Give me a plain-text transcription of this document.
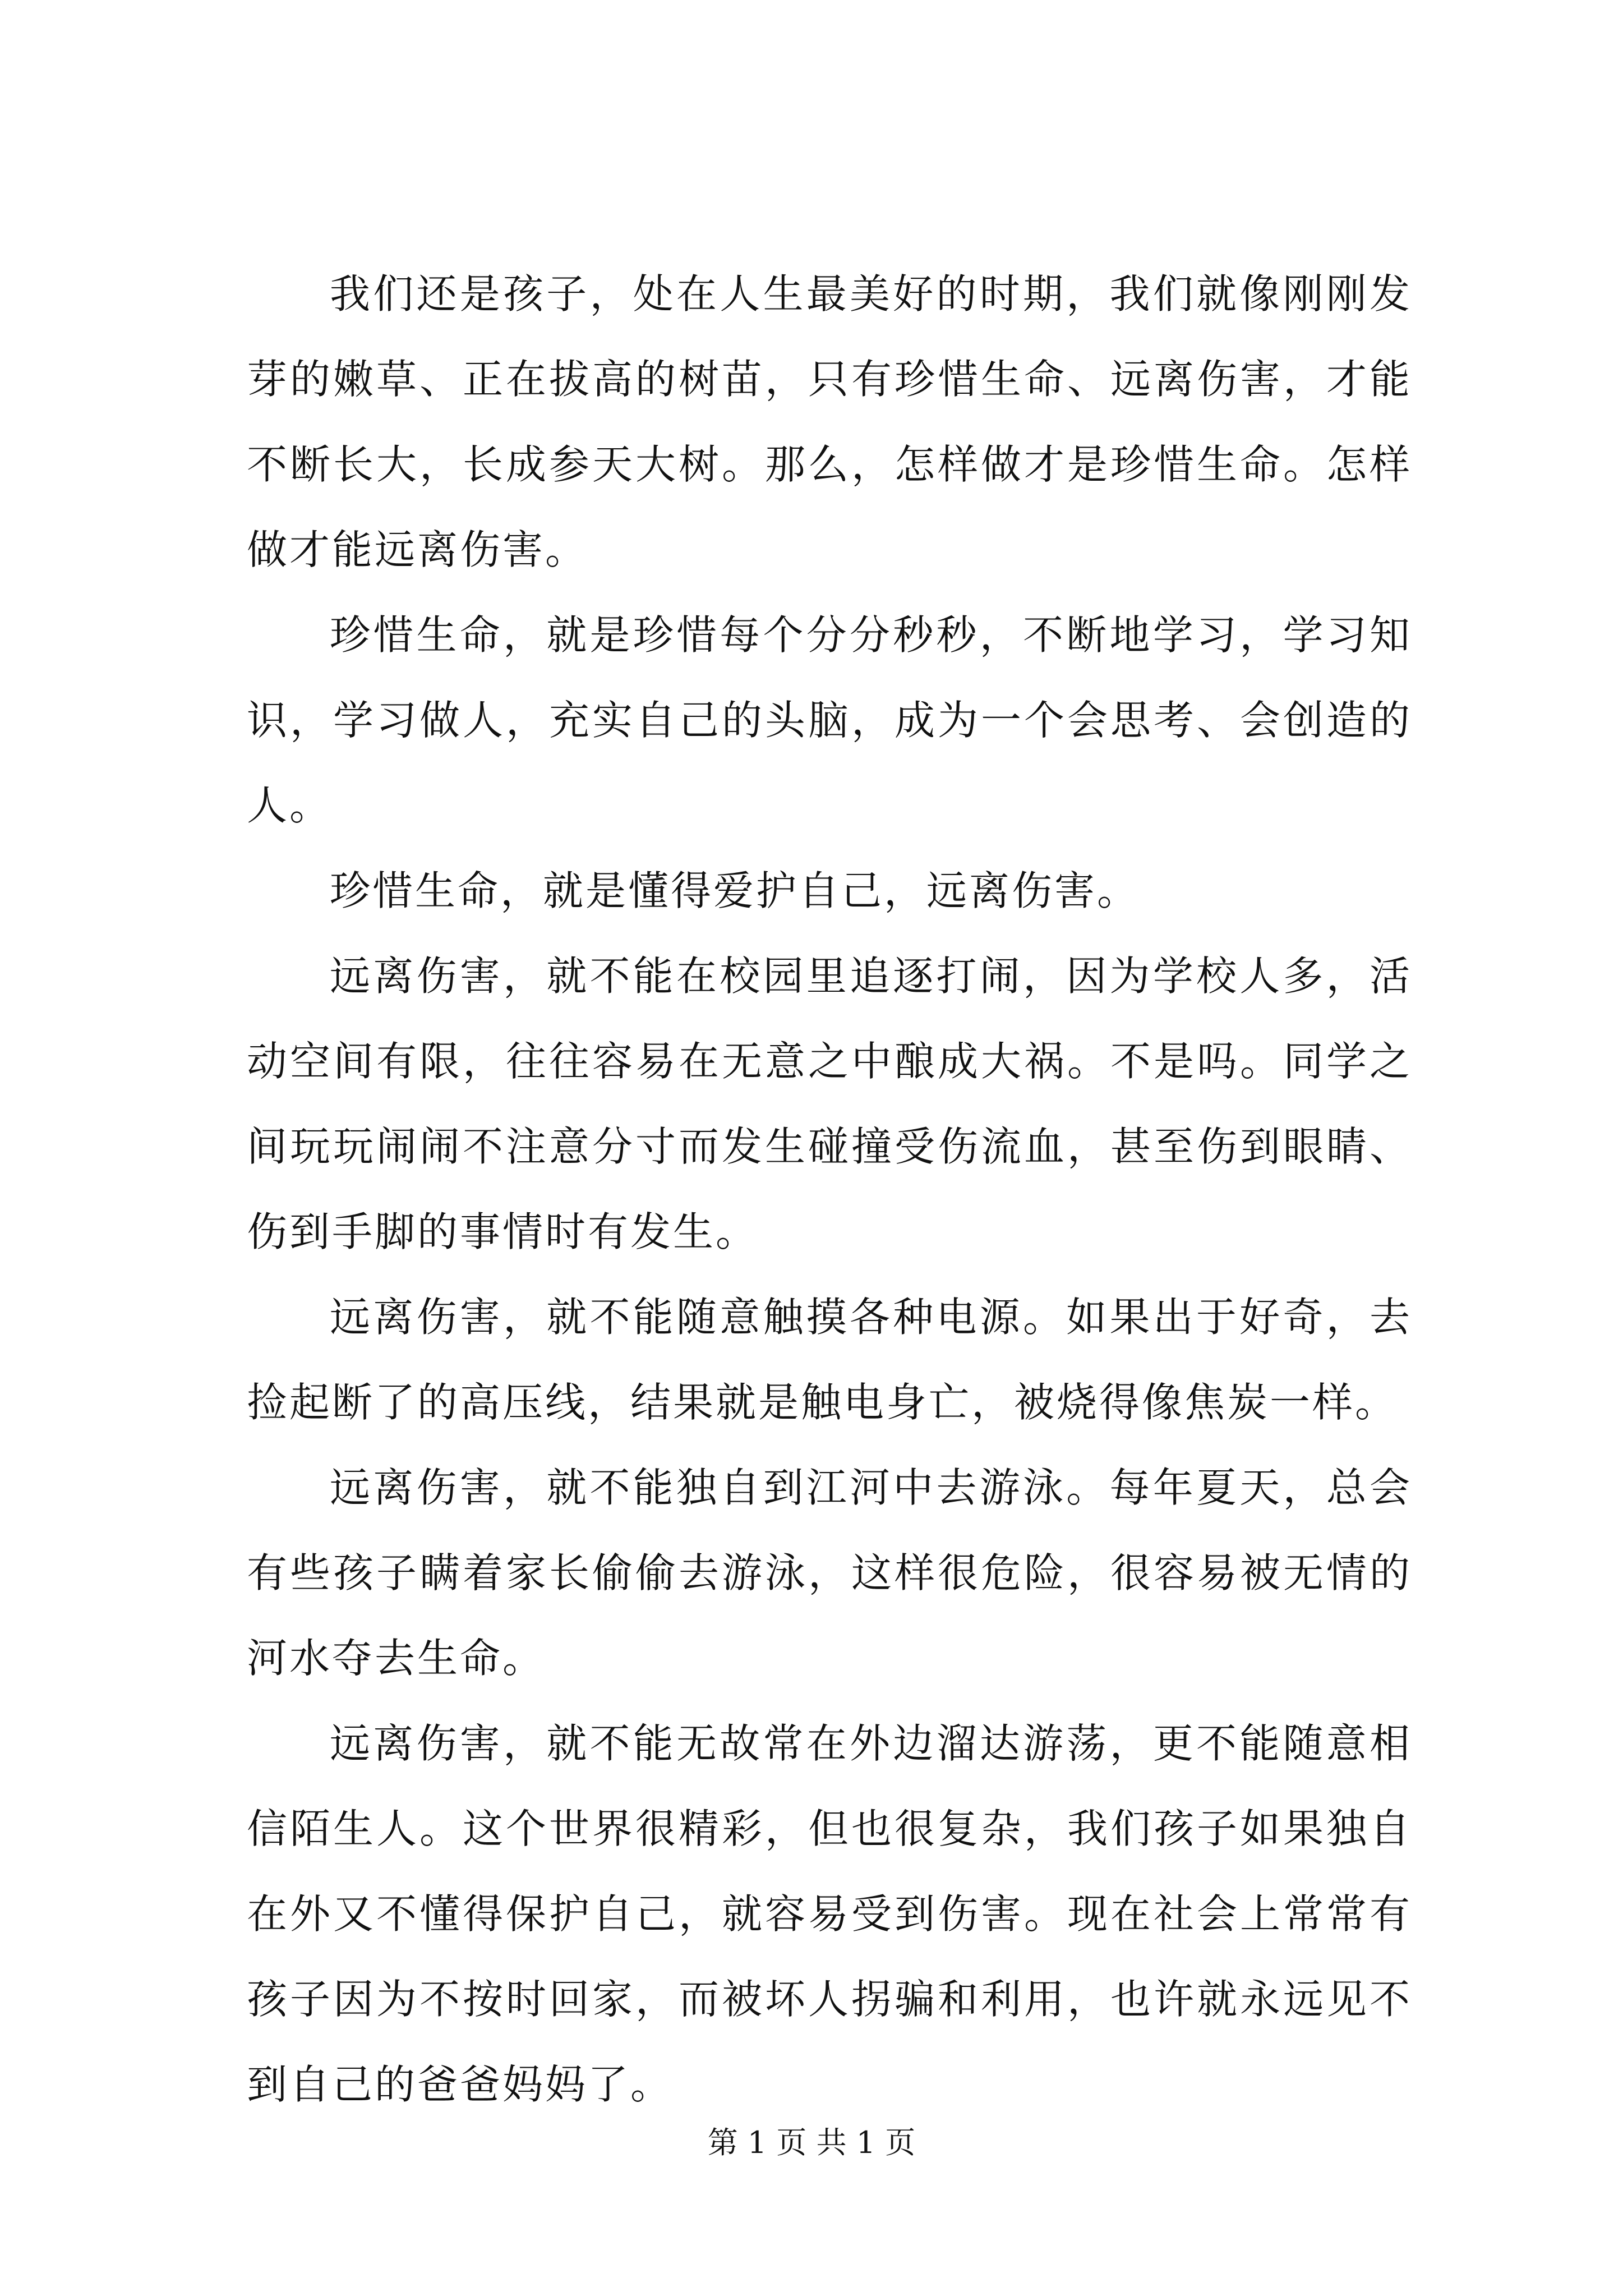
我们还是孩子，处在人生最美好的时期，我们就像刚刚发芽的嫩草、正在拔高的树苗，只有珍惜生命、远离伤害，才能不断长大，长成参天大树。那么，怎样做才是珍惜生命。怎样做才能远离伤害。

珍惜生命，就是珍惜每个分分秒秒，不断地学习，学习知识，学习做人，充实自己的头脑，成为一个会思考、会创造的人。

珍惜生命，就是懂得爱护自己，远离伤害。

远离伤害，就不能在校园里追逐打闹，因为学校人多，活动空间有限，往往容易在无意之中酿成大祸。不是吗。同学之间玩玩闹闹不注意分寸而发生碰撞受伤流血，甚至伤到眼睛、伤到手脚的事情时有发生。

远离伤害，就不能随意触摸各种电源。如果出于好奇，去捡起断了的高压线，结果就是触电身亡，被烧得像焦炭一样。

远离伤害，就不能独自到江河中去游泳。每年夏天，总会有些孩子瞒着家长偷偷去游泳，这样很危险，很容易被无情的河水夺去生命。

远离伤害，就不能无故常在外边溜达游荡，更不能随意相信陌生人。这个世界很精彩，但也很复杂，我们孩子如果独自在外又不懂得保护自己，就容易受到伤害。现在社会上常常有孩子因为不按时回家，而被坏人拐骗和利用，也许就永远见不到自己的爸爸妈妈了。

第 1 页 共 1 页
